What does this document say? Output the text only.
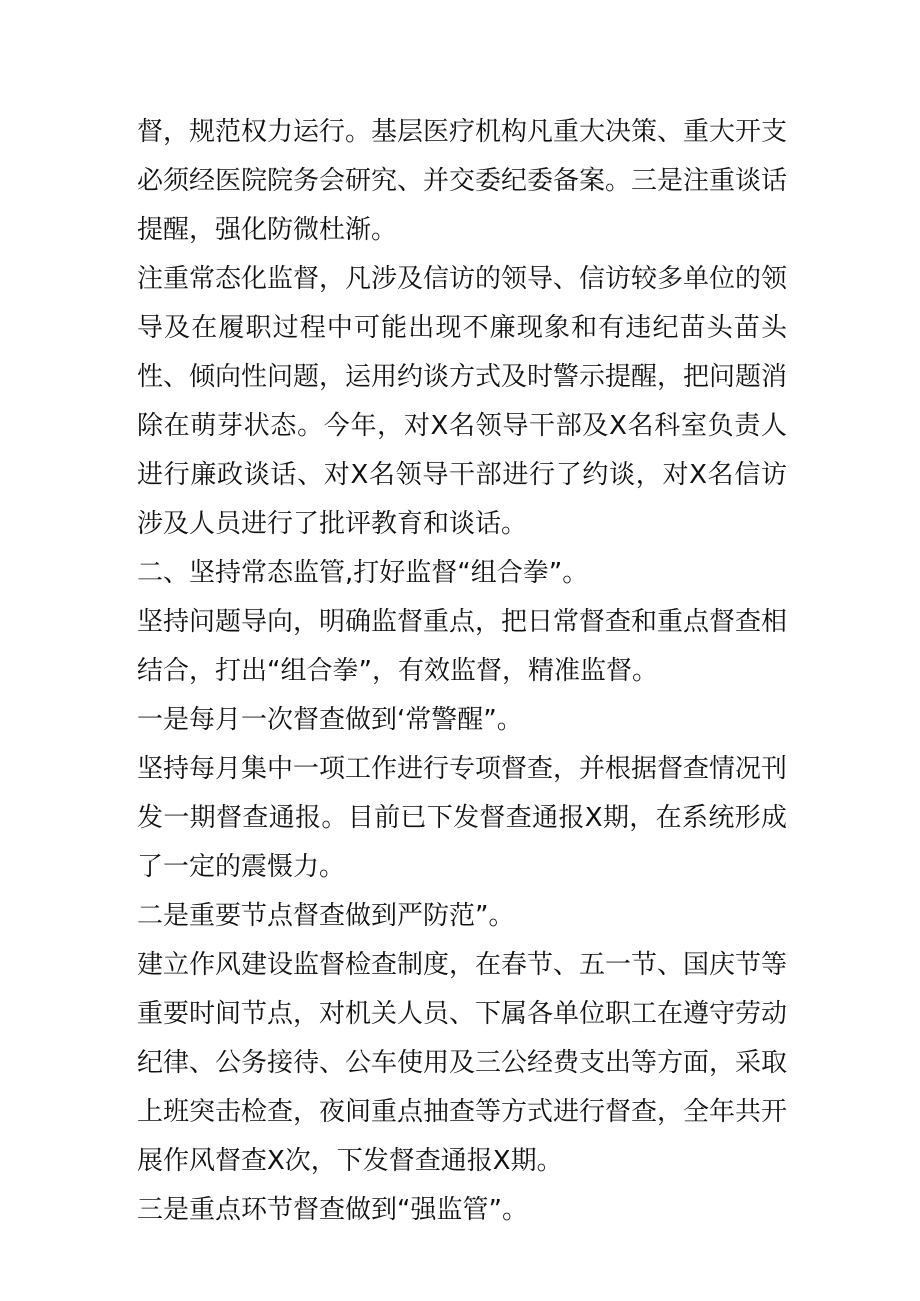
督，规范权力运行。基层医疗机构凡重大决策、重大开支必须经医院院务会研究、并交委纪委备案。三是注重谈话提醒，强化防微杜渐。

注重常态化监督，凡涉及信访的领导、信访较多单位的领导及在履职过程中可能出现不廉现象和有违纪苗头苗头性、倾向性问题，运用约谈方式及时警示提醒，把问题消除在萌芽状态。今年，对X名领导干部及X名科室负责人进行廉政谈话、对X名领导干部进行了约谈，对X名信访涉及人员进行了批评教育和谈话。

二、坚持常态监管,打好监督“组合拳”。

坚持问题导向，明确监督重点，把日常督查和重点督查相结合，打出“组合拳”，有效监督，精准监督。

一是每月一次督查做到‘常警醒”。

坚持每月集中一项工作进行专项督查，并根据督查情况刊发一期督查通报。目前已下发督查通报X期，在系统形成了一定的震慑力。

二是重要节点督查做到严防范”。

建立作风建设监督检查制度，在春节、五一节、国庆节等重要时间节点，对机关人员、下属各单位职工在遵守劳动纪律、公务接待、公车使用及三公经费支出等方面，采取上班突击检查，夜间重点抽查等方式进行督查，全年共开展作风督查X次，下发督查通报X期。

三是重点环节督查做到“强监管”。
